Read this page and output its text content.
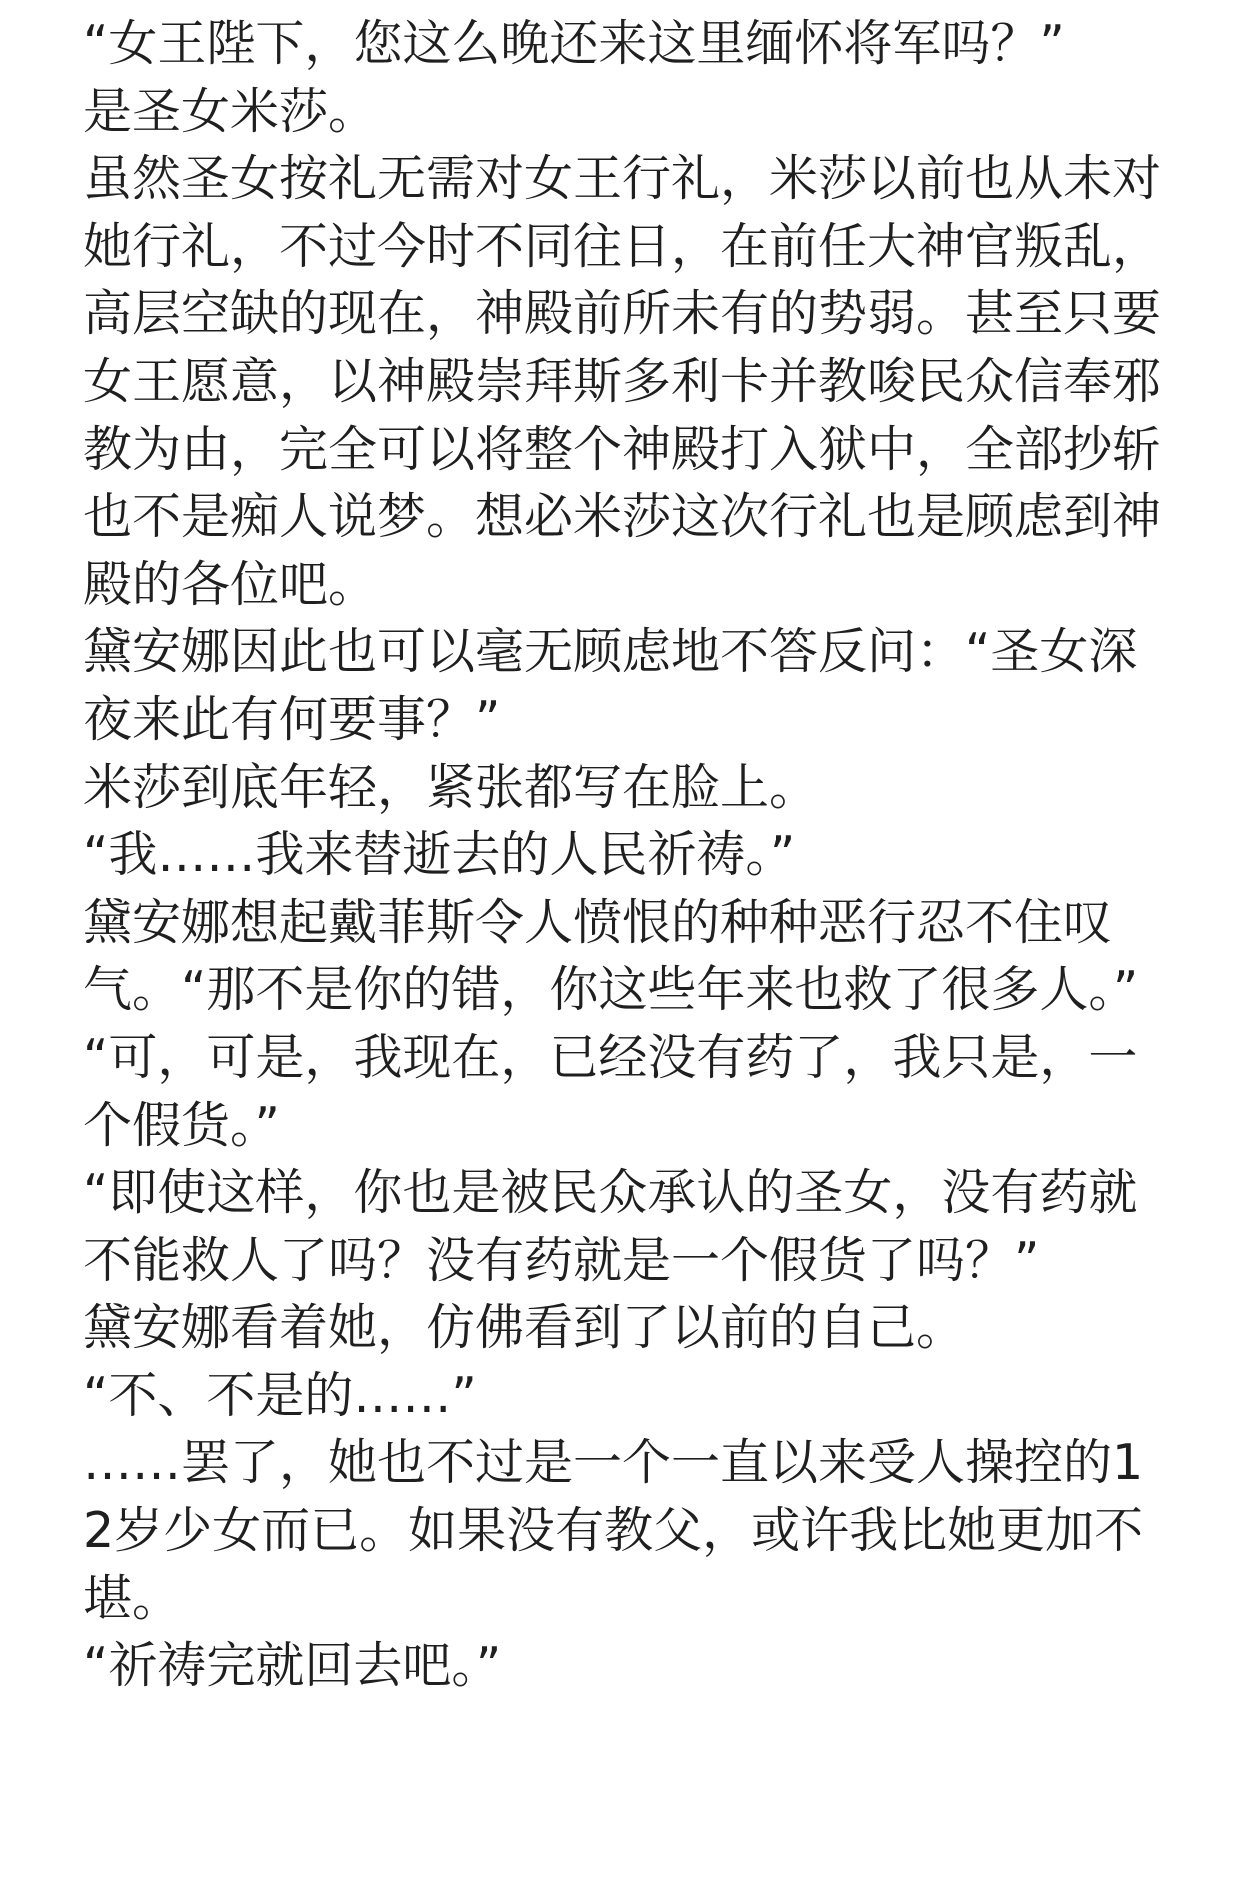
“女王陛下，您这么晚还来这里缅怀将军吗？”

是圣女米莎。

虽然圣女按礼无需对女王行礼，米莎以前也从未对她行礼，不过今时不同往日，在前任大神官叛乱，高层空缺的现在，神殿前所未有的势弱。甚至只要女王愿意，以神殿崇拜斯多利卡并教唆民众信奉邪教为由，完全可以将整个神殿打入狱中，全部抄斩也不是痴人说梦。想必米莎这次行礼也是顾虑到神殿的各位吧。

黛安娜因此也可以毫无顾虑地不答反问：“圣女深夜来此有何要事？”

米莎到底年轻，紧张都写在脸上。

“我……我来替逝去的人民祈祷。”

黛安娜想起戴菲斯令人愤恨的种种恶行忍不住叹气。“那不是你的错，你这些年来也救了很多人。”

“可，可是，我现在，已经没有药了，我只是，一个假货。”

“即使这样，你也是被民众承认的圣女，没有药就不能救人了吗？没有药就是一个假货了吗？”

黛安娜看着她，仿佛看到了以前的自己。

“不、不是的……”

……罢了，她也不过是一个一直以来受人操控的12岁少女而已。如果没有教父，或许我比她更加不堪。

“祈祷完就回去吧。”
